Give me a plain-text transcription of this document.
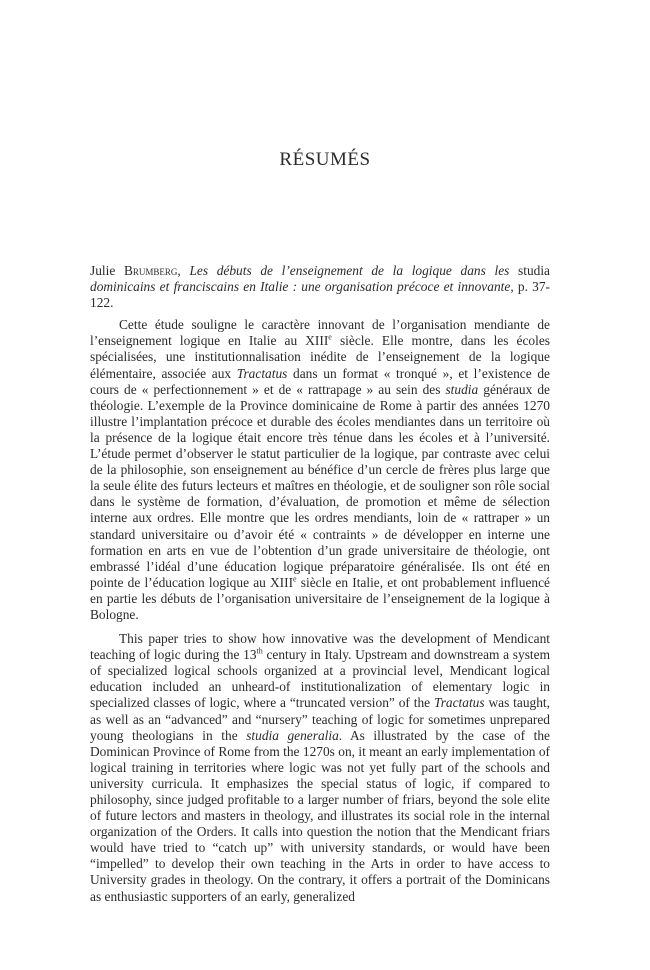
RÉSUMÉS

Julie Brumberg, Les débuts de l’enseignement de la logique dans les studia dominicains et franciscains en Italie : une organisation précoce et innovante, p. 37-122.

Cette étude souligne le caractère innovant de l’organisation mendiante de l’enseignement logique en Italie au XIIIe siècle. Elle montre, dans les écoles spécialisées, une institutionnalisation inédite de l’enseignement de la logique élémentaire, associée aux Tractatus dans un format « tronqué », et l’existence de cours de « perfectionnement » et de « rattrapage » au sein des studia généraux de théologie. L’exemple de la Province dominicaine de Rome à partir des années 1270 illustre l’implantation précoce et durable des écoles mendiantes dans un territoire où la présence de la logique était encore très ténue dans les écoles et à l’université. L’étude permet d’observer le statut particulier de la logique, par contraste avec celui de la philosophie, son enseignement au bénéfice d’un cercle de frères plus large que la seule élite des futurs lecteurs et maîtres en théologie, et de souligner son rôle social dans le système de formation, d’évaluation, de promotion et même de sélection interne aux ordres. Elle montre que les ordres mendiants, loin de « rattraper » un standard universitaire ou d’avoir été « contraints » de développer en interne une formation en arts en vue de l’obtention d’un grade universitaire de théologie, ont embrassé l’idéal d’une éducation logique préparatoire généralisée. Ils ont été en pointe de l’éducation logique au XIIIe siècle en Italie, et ont probablement influencé en partie les débuts de l’organisation universitaire de l’enseignement de la logique à Bologne.

This paper tries to show how innovative was the development of Mendicant teaching of logic during the 13th century in Italy. Upstream and downstream a system of specialized logical schools organized at a provincial level, Mendicant logical education included an unheard-of institutionalization of elementary logic in specialized classes of logic, where a “truncated version” of the Tractatus was taught, as well as an “advanced” and “nursery” teaching of logic for sometimes unprepared young theologians in the studia generalia. As illustrated by the case of the Dominican Province of Rome from the 1270s on, it meant an early implementation of logical training in territories where logic was not yet fully part of the schools and university curricula. It emphasizes the special status of logic, if compared to philosophy, since judged profitable to a larger number of friars, beyond the sole elite of future lectors and masters in theology, and illustrates its social role in the internal organization of the Orders. It calls into question the notion that the Mendicant friars would have tried to “catch up” with university standards, or would have been “impelled” to develop their own teaching in the Arts in order to have access to University grades in theology. On the contrary, it offers a portrait of the Dominicans as enthusiastic supporters of an early, generalized
